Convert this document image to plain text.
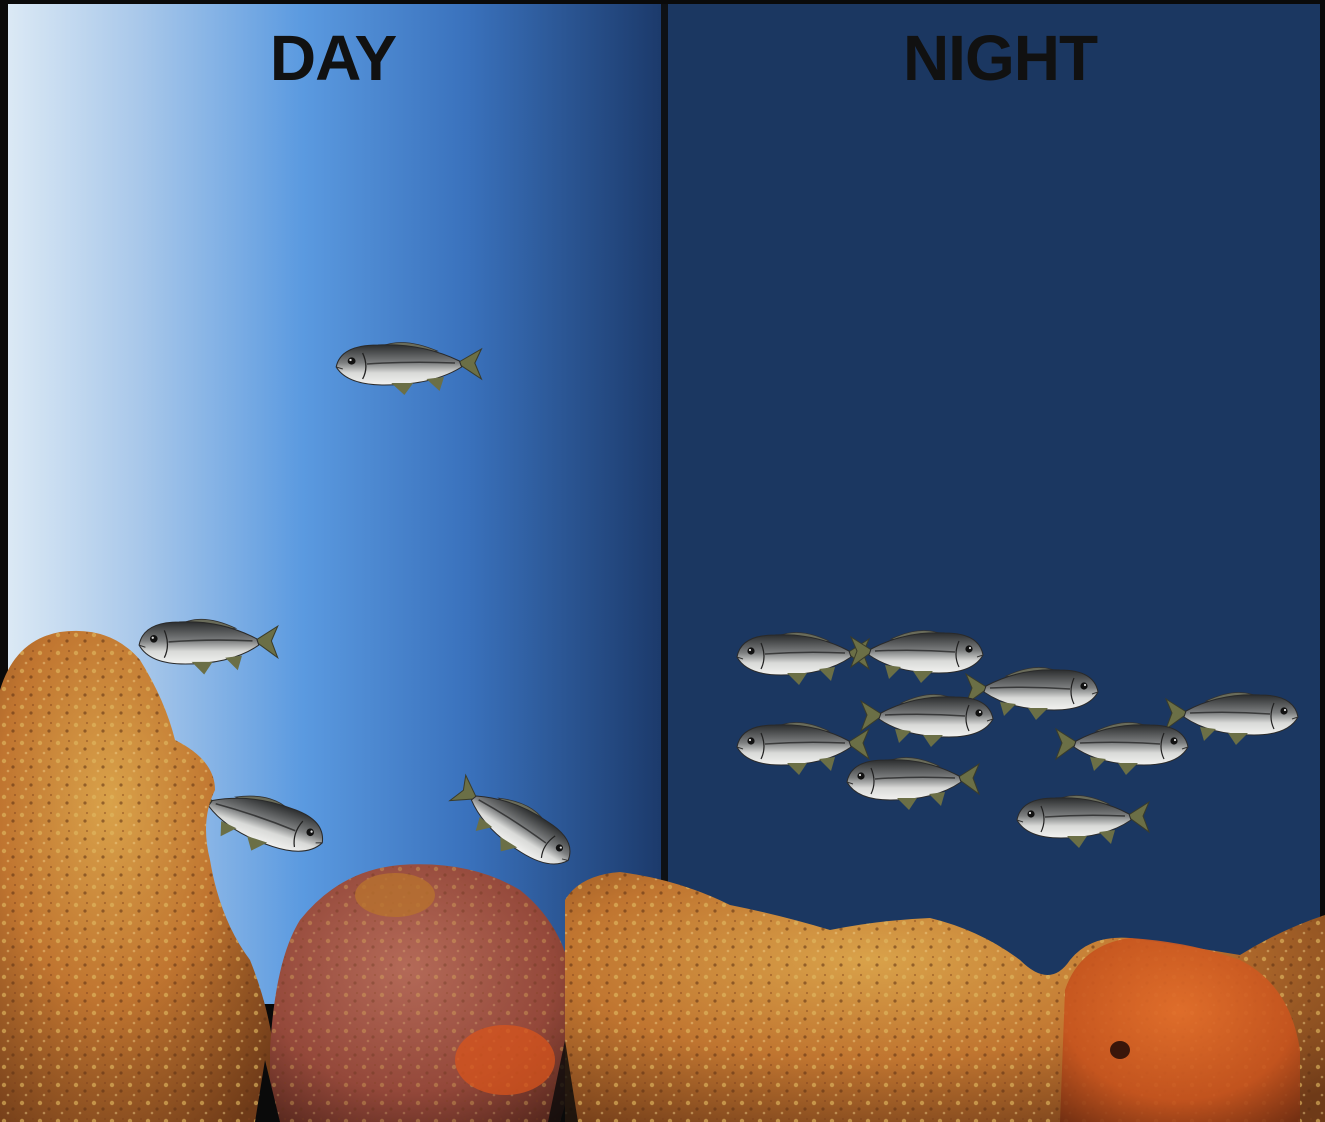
DAY	NIGHT
